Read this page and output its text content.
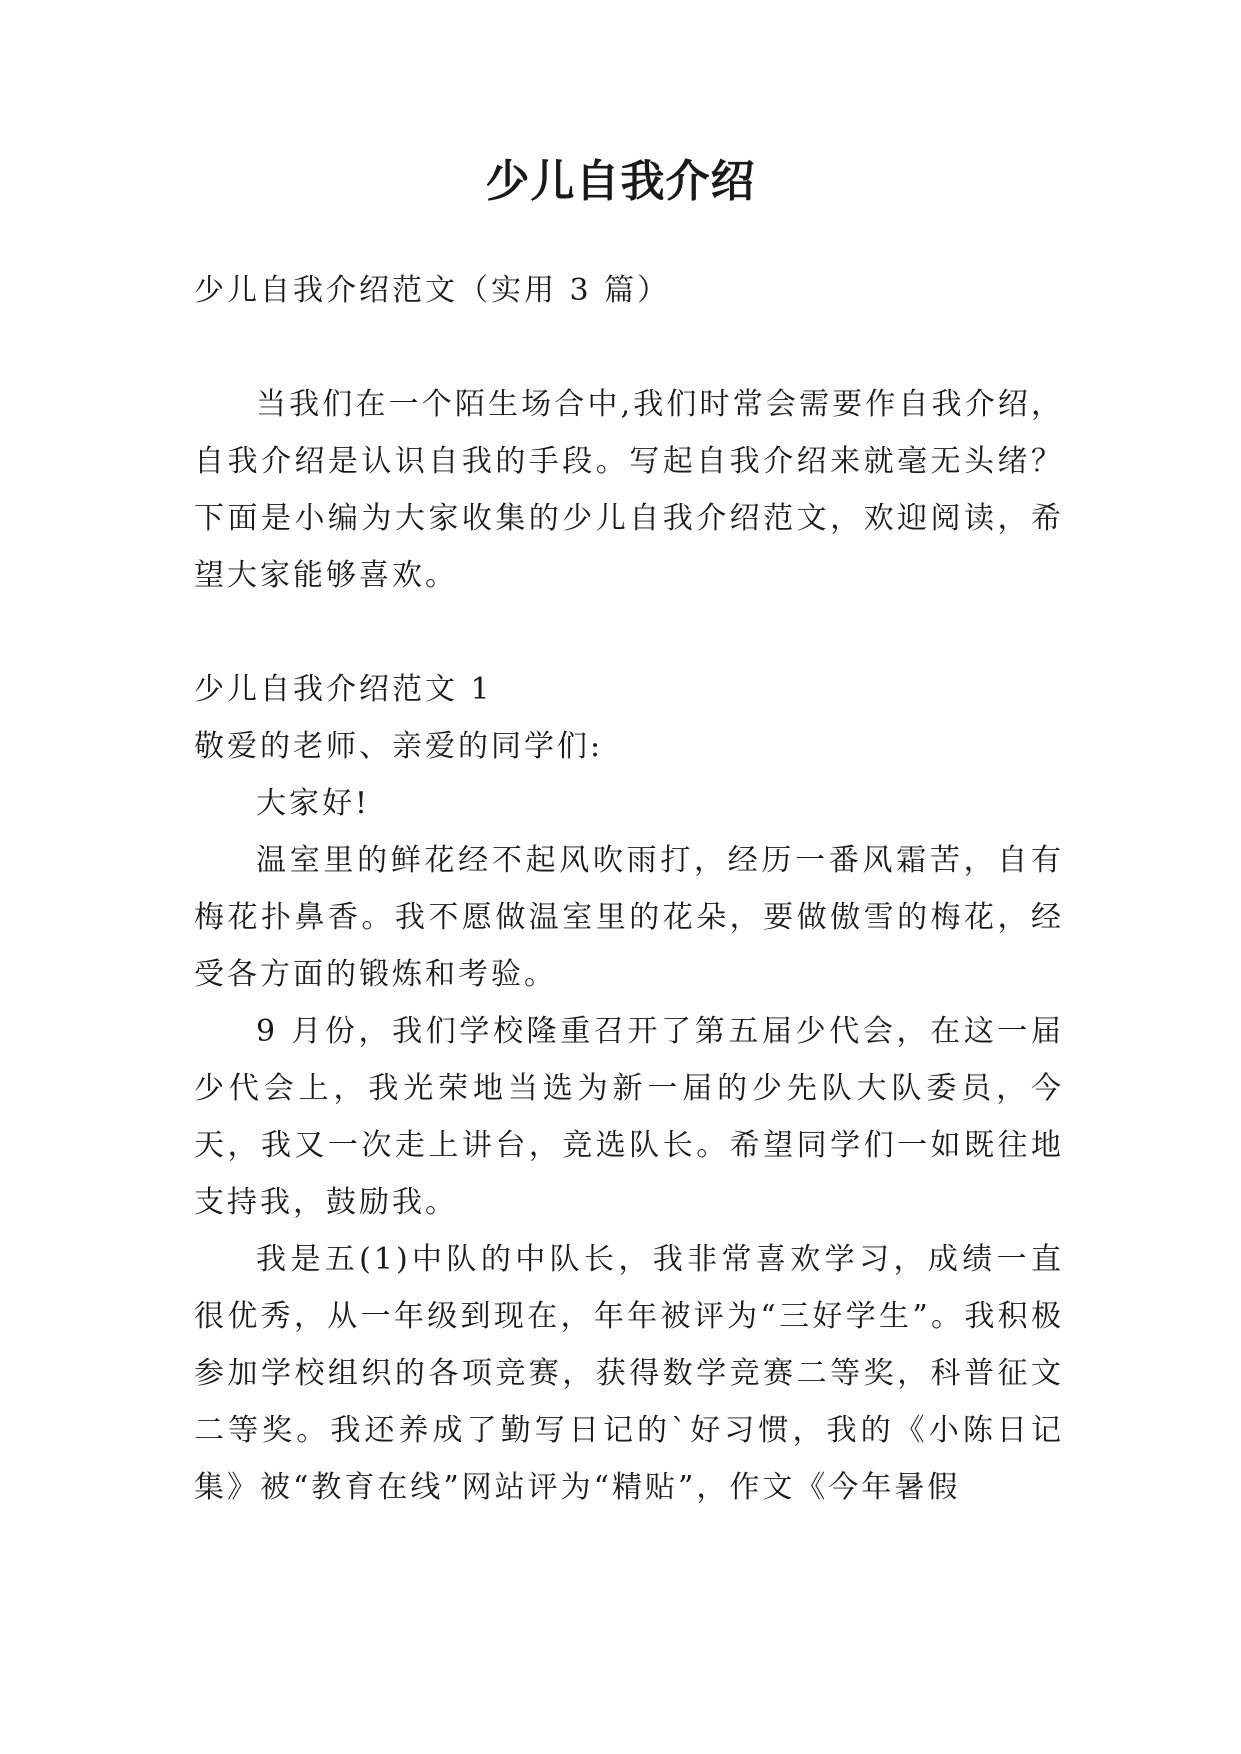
少儿自我介绍

少儿自我介绍范文（实用 3 篇）

当我们在一个陌生场合中,我们时常会需要作自我介绍，自我介绍是认识自我的手段。写起自我介绍来就毫无头绪？下面是小编为大家收集的少儿自我介绍范文，欢迎阅读，希望大家能够喜欢。

少儿自我介绍范文 1

敬爱的老师、亲爱的同学们:

大家好!

温室里的鲜花经不起风吹雨打，经历一番风霜苦，自有梅花扑鼻香。我不愿做温室里的花朵，要做傲雪的梅花，经受各方面的锻炼和考验。

9 月份，我们学校隆重召开了第五届少代会，在这一届少代会上，我光荣地当选为新一届的少先队大队委员，今天，我又一次走上讲台，竞选队长。希望同学们一如既往地支持我，鼓励我。

我是五(1)中队的中队长，我非常喜欢学习，成绩一直很优秀，从一年级到现在，年年被评为“三好学生”。我积极参加学校组织的各项竞赛，获得数学竞赛二等奖，科普征文二等奖。我还养成了勤写日记的`好习惯，我的《小陈日记集》被“教育在线”网站评为“精贴”，作文《今年暑假
